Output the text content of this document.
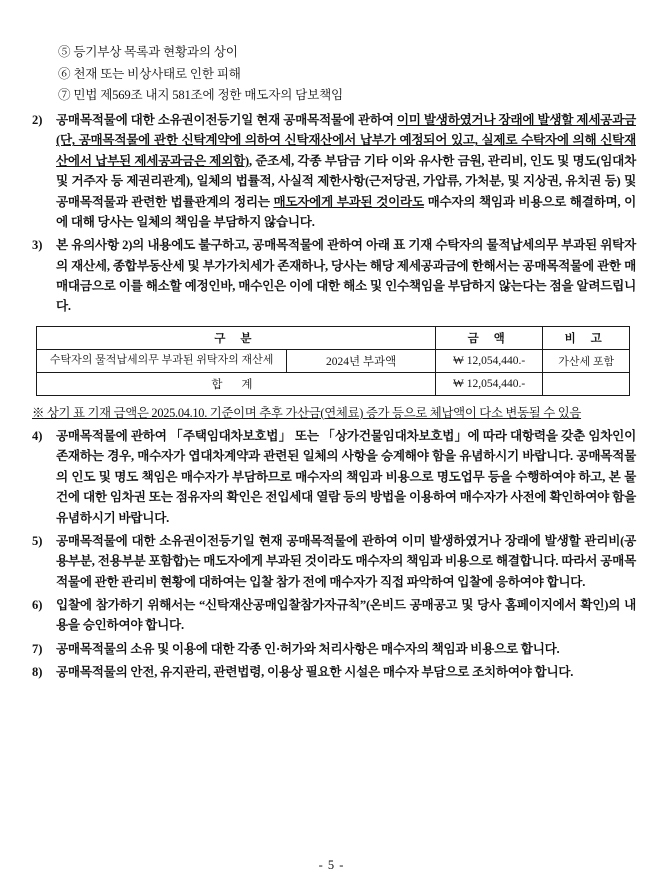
⑤ 등기부상 목록과 현황과의 상이
⑥ 천재 또는 비상사태로 인한 피해
⑦ 민법 제569조 내지 581조에 정한 매도자의 담보책임
2)	공매목적물에 대한 소유권이전등기일 현재 공매목적물에 관하여 이미 발생하였거나 장래에 발생할 제세공과금(단, 공매목적물에 관한 신탁계약에 의하여 신탁재산에서 납부가 예정되어 있고, 실제로 수탁자에 의해 신탁재산에서 납부된 제세공과금은 제외함), 준조세, 각종 부담금 기타 이와 유사한 금원, 관리비, 인도 및 명도(임대차 및 거주자 등 제권리관계), 일체의 법률적, 사실적 제한사항(근저당권, 가압류, 가처분, 및 지상권, 유치권 등) 및 공매목적물과 관련한 법률관계의 정리는 매도자에게 부과된 것이라도 매수자의 책임과 비용으로 해결하며, 이에 대해 당사는 일체의 책임을 부담하지 않습니다.
3)	본 유의사항 2)의 내용에도 불구하고, 공매목적물에 관하여 아래 표 기재 수탁자의 물적납세의무 부과된 위탁자의 재산세, 종합부동산세 및 부가가치세가 존재하나, 당사는 해당 제세공과금에 한해서는 공매목적물에 관한 매매대금으로 이를 해소할 예정인바, 매수인은 이에 대한 해소 및 인수책임을 부담하지 않는다는 점을 알려드립니다.
구 분		금 액	비 고
수탁자의 물적납세의무 부과된 위탁자의 재산세	2024년 부과액	₩ 12,054,440.-	가산세 포함
합 계		₩ 12,054,440.-	
※ 상기 표 기재 금액은 2025.04.10. 기준이며 추후 가산금(연체료) 증가 등으로 체납액이 다소 변동될 수 있음
4)	공매목적물에 관하여 「주택임대차보호법」 또는 「상가건물임대차보호법」에 따라 대항력을 갖춘 임차인이 존재하는 경우, 매수자가 엽대차계약과 관련된 일체의 사항을 승계해야 함을 유념하시기 바랍니다. 공매목적물의 인도 및 명도 책임은 매수자가 부담하므로 매수자의 책임과 비용으로 명도업무 등을 수행하여야 하고, 본 물건에 대한 임차권 또는 점유자의 확인은 전입세대 열람 등의 방법을 이용하여 매수자가 사전에 확인하여야 함을 유념하시기 바랍니다.
5)	공매목적물에 대한 소유권이전등기일 현재 공매목적물에 관하여 이미 발생하였거나 장래에 발생할 관리비(공용부분, 전용부분 포함합)는 매도자에게 부과된 것이라도 매수자의 책임과 비용으로 해결합니다. 따라서 공매목적물에 관한 관리비 현황에 대하여는 입찰 참가 전에 매수자가 직접 파악하여 입찰에 응하여야 합니다.
6)	입찰에 참가하기 위해서는 “신탁재산공매입찰참가자규칙”(온비드 공매공고 및 당사 홈페이지에서 확인)의 내용을 승인하여야 합니다.
7)	공매목적물의 소유 및 이용에 대한 각종 인·허가와 처리사항은 매수자의 책임과 비용으로 합니다.
8)	공매목적물의 안전, 유지관리, 관련법령, 이용상 필요한 시설은 매수자 부담으로 조치하여야 합니다.
- 5 -
